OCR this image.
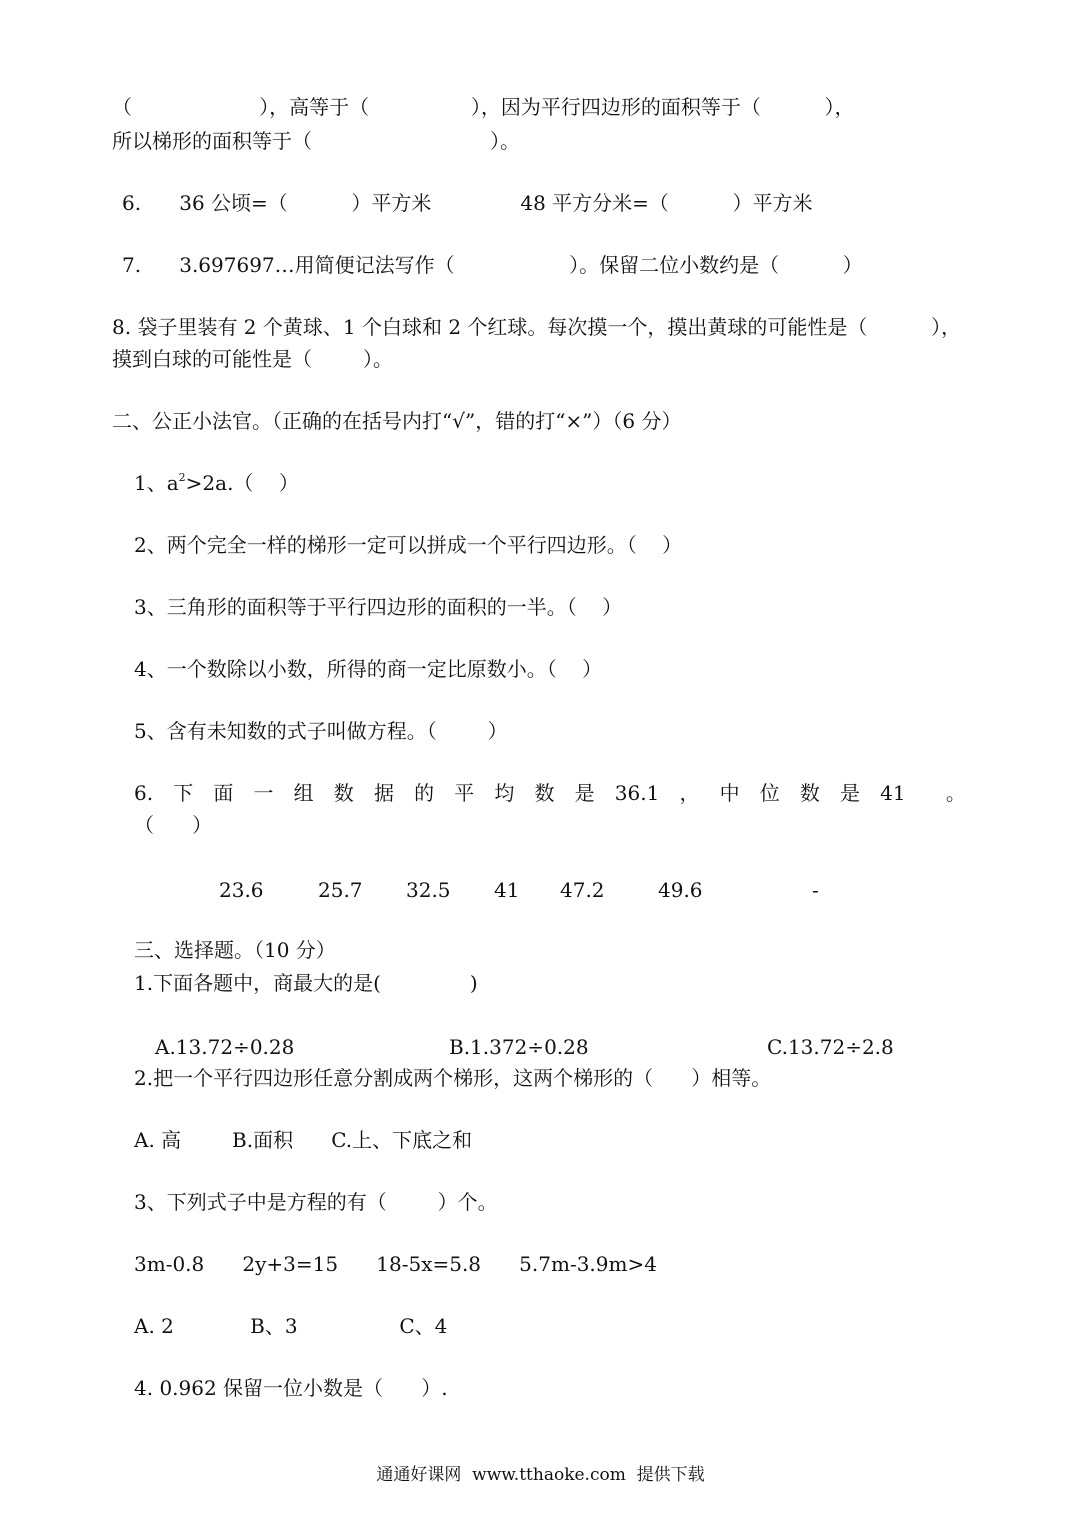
（                    ），高等于（                ），因为平行四边形的面积等于（          ），
所以梯形的面积等于（                            ）。
6.      36 公顷=（          ）平方米              48 平方分米=（          ）平方米
7.      3.697697…用简便记法写作（                  ）。保留二位小数约是（          ）
8. 袋子里装有 2 个黄球、1 个白球和 2 个红球。每次摸一个，摸出黄球的可能性是（          ），
摸到白球的可能性是（        ）。
二、公正小法官。（正确的在括号内打“√”，错的打“×”）（6 分）
1、$a^2>2a$.（    ）
2、两个完全一样的梯形一定可以拼成一个平行四边形。（    ）
3、三角形的面积等于平行四边形的面积的一半。（    ）
4、一个数除以小数，所得的商一定比原数小。（    ）
5、含有未知数的式子叫做方程。（        ）
6. 下 面 一 组 数 据 的 平 均 数 是 36.1 ， 中 位 数 是 41 。
（      ）
23.6	25.7 32.5 41 47.2	49.6	-
三、选择题。（10 分）
1.下面各题中，商最大的是(              )
A.13.72÷0.28	B.1.372÷0.28	C.13.72÷2.8
2.把一个平行四边形任意分割成两个梯形，这两个梯形的（      ）相等。
A. 高        B.面积      C.上、下底之和
3、下列式子中是方程的有（        ）个。
3m-0.8      2y+3=15      18-5x=5.8      5.7m-3.9m>4
A. 2            B、3                C、4
4. 0.962 保留一位小数是（      ）.
通通好课网  www.tthaoke.com  提供下载
